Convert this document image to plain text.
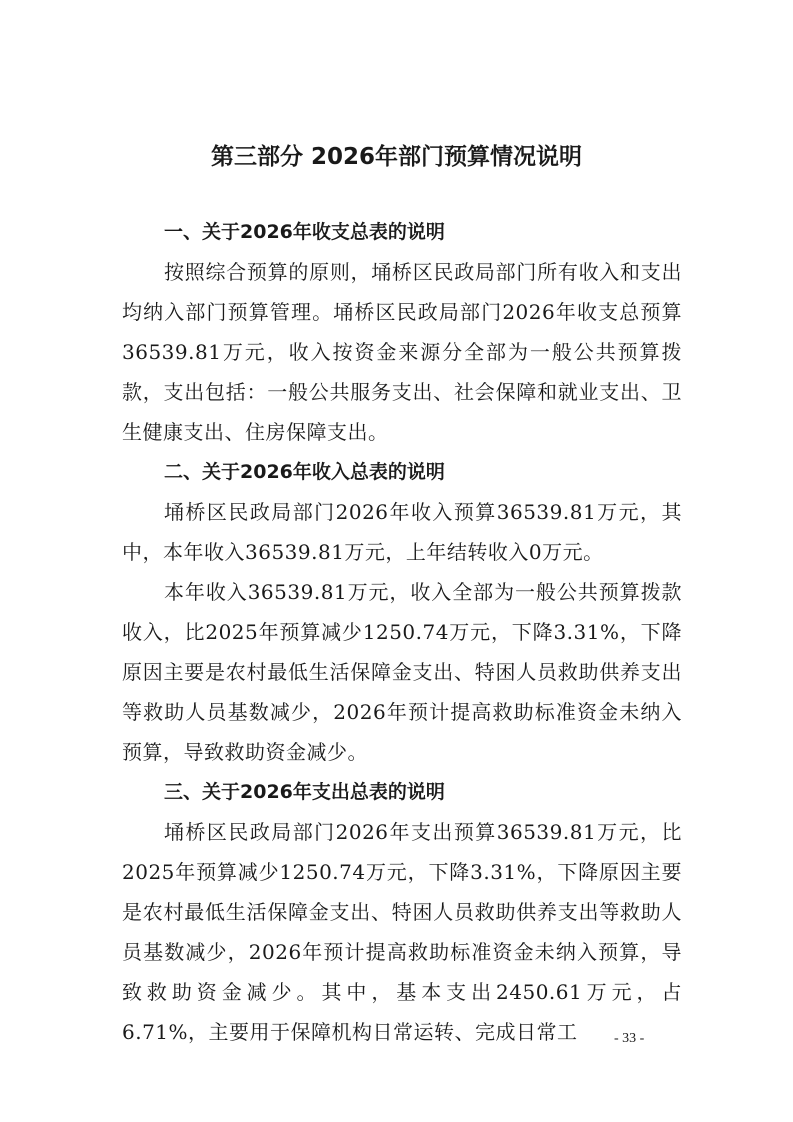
第三部分 2026年部门预算情况说明
一、关于2026年收支总表的说明

按照综合预算的原则，埇桥区民政局部门所有收入和支出均纳入部门预算管理。埇桥区民政局部门2026年收支总预算36539.81万元，收入按资金来源分全部为一般公共预算拨款，支出包括：一般公共服务支出、社会保障和就业支出、卫生健康支出、住房保障支出。

二、关于2026年收入总表的说明

埇桥区民政局部门2026年收入预算36539.81万元，其中，本年收入36539.81万元，上年结转收入0万元。

本年收入36539.81万元，收入全部为一般公共预算拨款收入，比2025年预算减少1250.74万元，下降3.31%，下降原因主要是农村最低生活保障金支出、特困人员救助供养支出等救助人员基数减少，2026年预计提高救助标准资金未纳入预算，导致救助资金减少。

三、关于2026年支出总表的说明

埇桥区民政局部门2026年支出预算36539.81万元，比2025年预算减少1250.74万元，下降3.31%，下降原因主要是农村最低生活保障金支出、特困人员救助供养支出等救助人员基数减少，2026年预计提高救助标准资金未纳入预算，导致救助资金减少。其中，基本支出2450.61万元，占6.71%，主要用于保障机构日常运转、完成日常工	- 33 -
